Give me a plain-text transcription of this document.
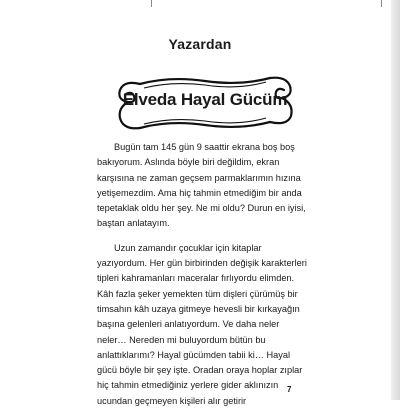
Yazardan
Elveda Hayal Gücüm

Bugün tam 145 gün 9 saattir ekrana boş boş bakıyorum. Aslında böyle biri değildim, ekran karşısına ne zaman geçsem parmaklarımın hızına yetişemezdim. Ama hiç tahmin etmediğim bir anda tepetaklak oldu her şey. Ne mi oldu? Durun en iyisi, baştan anlatayım.

Uzun zamandır çocuklar için kitaplar yazıyordum. Her gün birbirinden değişik karakterleri tipleri kahramanları maceralar fırlıyordu elimden. Kâh fazla şeker yemekten tüm dişleri çürümüş bir timsahın kâh uzaya gitmeye hevesli bir kırkayağın başına gelenleri anlatıyordum. Ve daha neler neler… Nereden mi buluyordum bütün bu anlattıklarımı? Hayal gücümden tabii ki… Hayal gücü böyle bir şey işte. Oradan oraya hoplar zıplar hiç tahmin etmediğiniz yerlere gider aklınızın ucundan geçmeyen kişileri alır getirir

7
